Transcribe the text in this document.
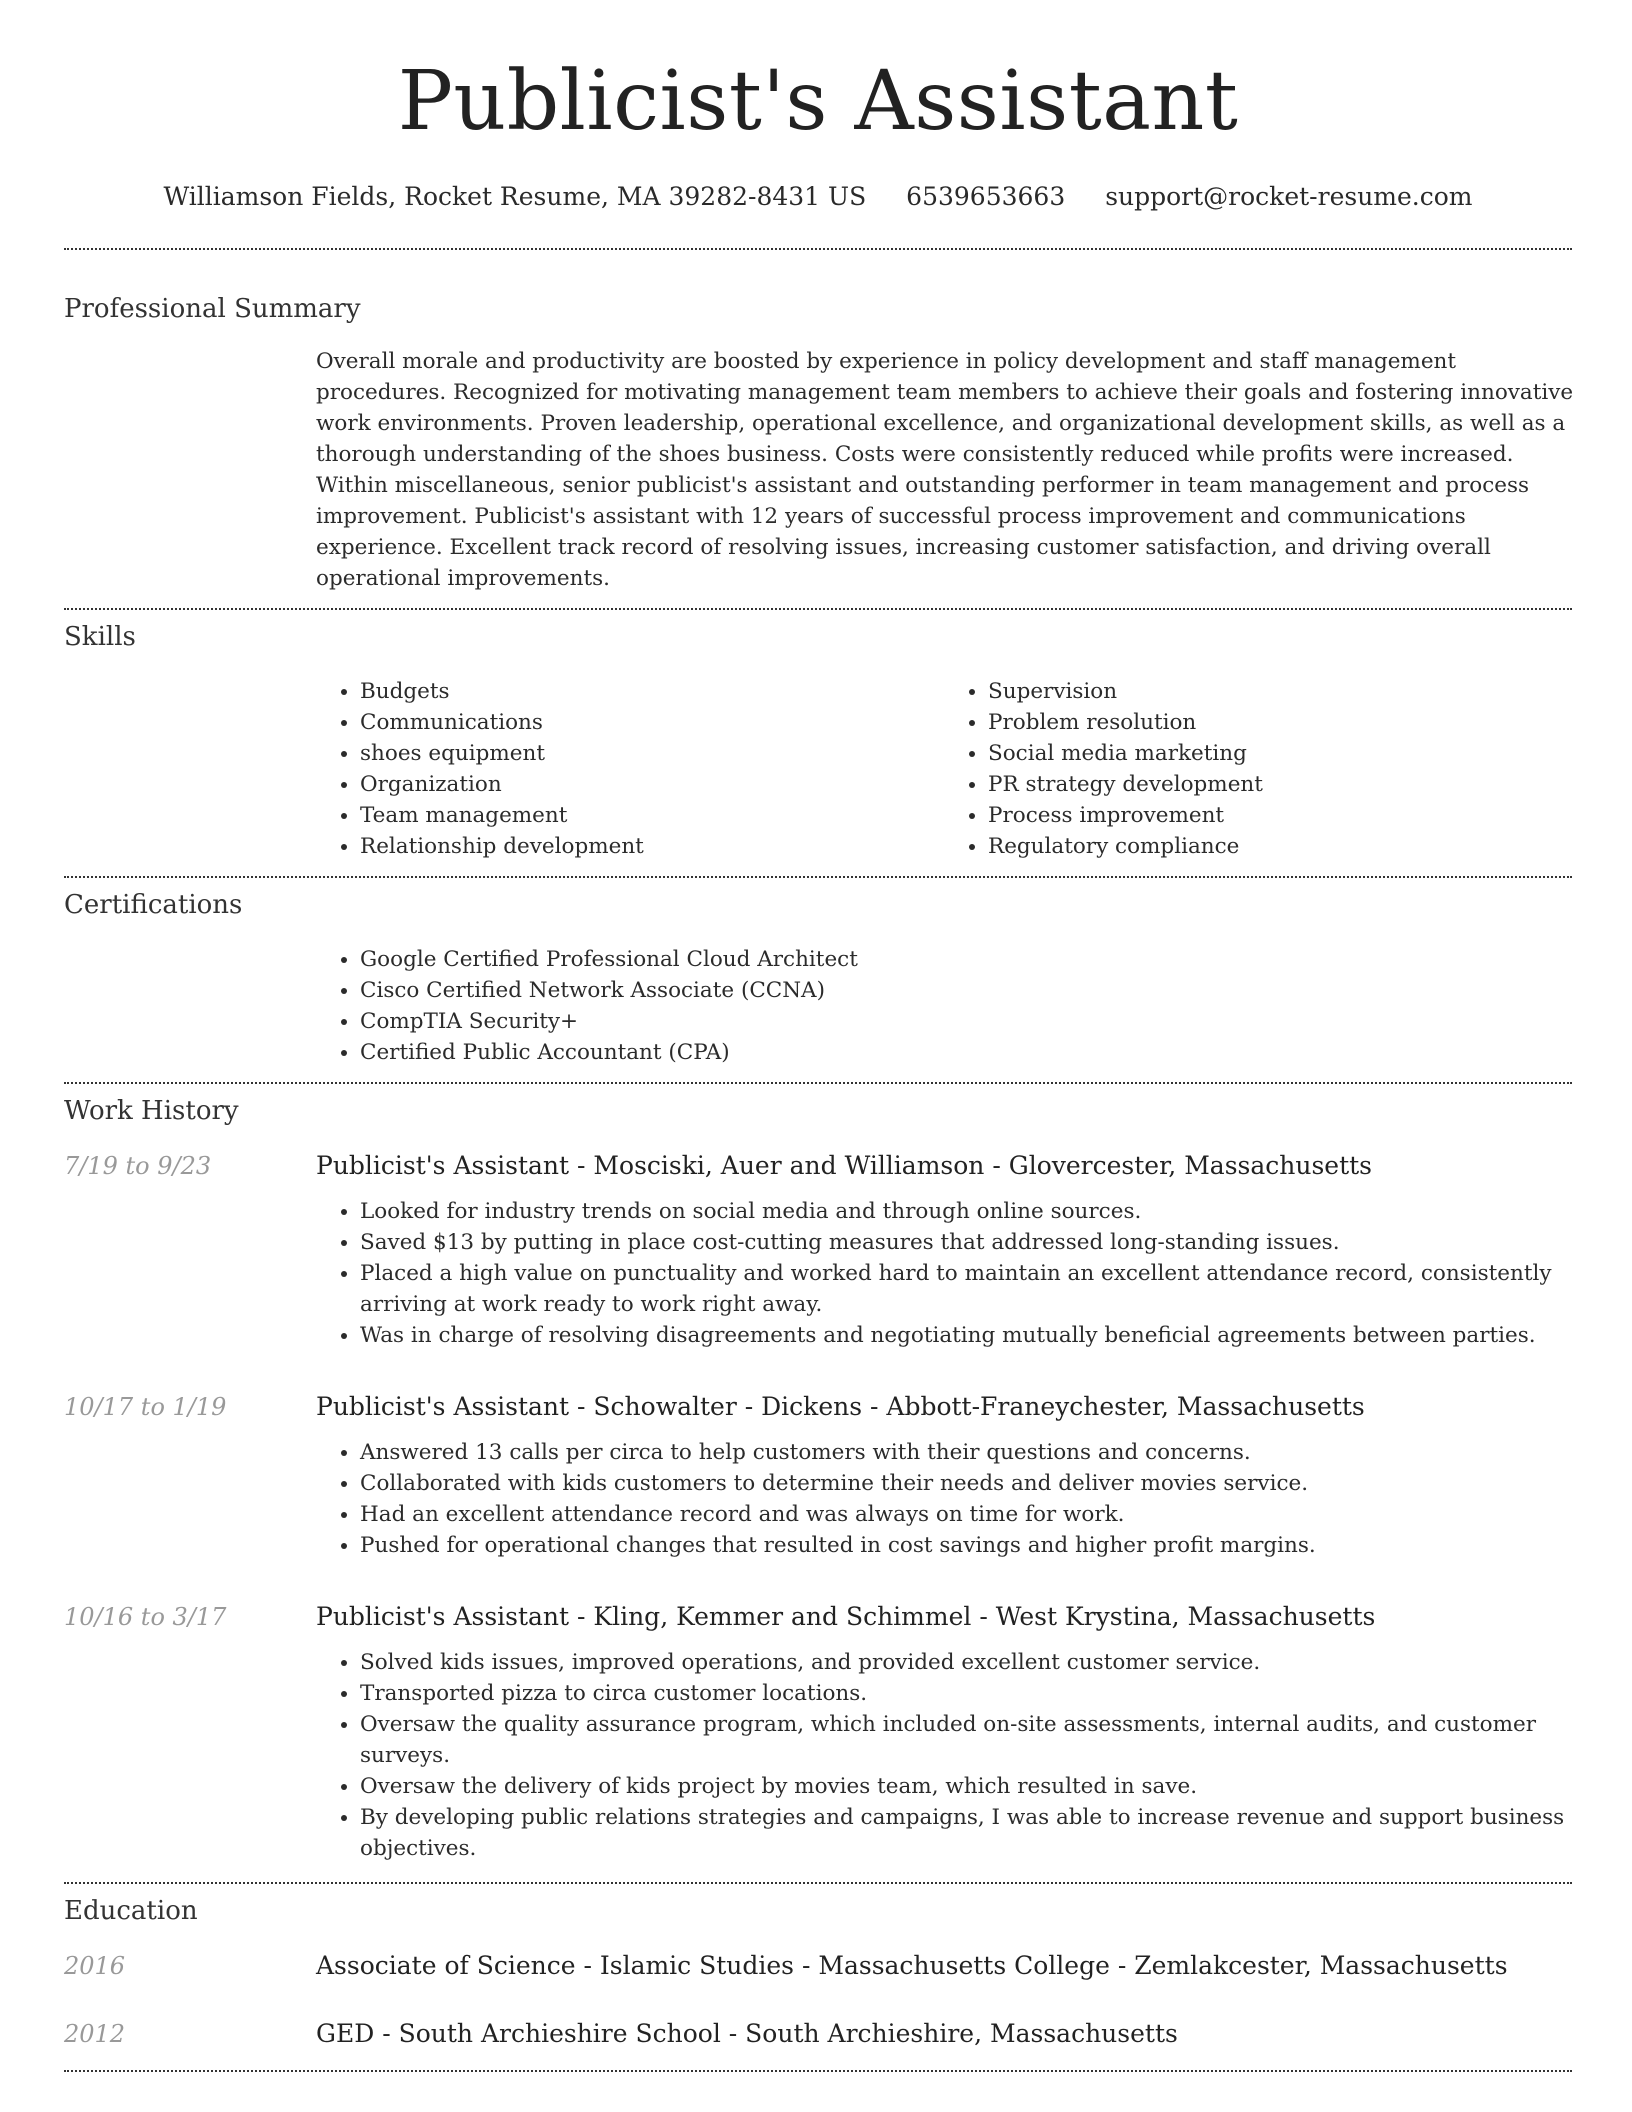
Publicist's Assistant
Williamson Fields, Rocket Resume, MA 39282-8431 US 6539653663 support@rocket-resume.com
Professional Summary
Overall morale and productivity are boosted by experience in policy development and staff management procedures. Recognized for motivating management team members to achieve their goals and fostering innovative work environments. Proven leadership, operational excellence, and organizational development skills, as well as a thorough understanding of the shoes business. Costs were consistently reduced while profits were increased. Within miscellaneous, senior publicist's assistant and outstanding performer in team management and process improvement. Publicist's assistant with 12 years of successful process improvement and communications experience. Excellent track record of resolving issues, increasing customer satisfaction, and driving overall operational improvements.
Skills
• Budgets
• Communications
• shoes equipment
• Organization
• Team management
• Relationship development
• Supervision
• Problem resolution
• Social media marketing
• PR strategy development
• Process improvement
• Regulatory compliance
Certifications
• Google Certified Professional Cloud Architect
• Cisco Certified Network Associate (CCNA)
• CompTIA Security+
• Certified Public Accountant (CPA)
Work History
7/19 to 9/23	Publicist's Assistant - Mosciski, Auer and Williamson - Glovercester, Massachusetts
• Looked for industry trends on social media and through online sources.
• Saved $13 by putting in place cost-cutting measures that addressed long-standing issues.
• Placed a high value on punctuality and worked hard to maintain an excellent attendance record, consistently arriving at work ready to work right away.
• Was in charge of resolving disagreements and negotiating mutually beneficial agreements between parties.
10/17 to 1/19	Publicist's Assistant - Schowalter - Dickens - Abbott-Franeychester, Massachusetts
• Answered 13 calls per circa to help customers with their questions and concerns.
• Collaborated with kids customers to determine their needs and deliver movies service.
• Had an excellent attendance record and was always on time for work.
• Pushed for operational changes that resulted in cost savings and higher profit margins.
10/16 to 3/17	Publicist's Assistant - Kling, Kemmer and Schimmel - West Krystina, Massachusetts
• Solved kids issues, improved operations, and provided excellent customer service.
• Transported pizza to circa customer locations.
• Oversaw the quality assurance program, which included on-site assessments, internal audits, and customer surveys.
• Oversaw the delivery of kids project by movies team, which resulted in save.
• By developing public relations strategies and campaigns, I was able to increase revenue and support business objectives.
Education
2016	Associate of Science - Islamic Studies - Massachusetts College - Zemlakcester, Massachusetts
2012	GED - South Archieshire School - South Archieshire, Massachusetts
